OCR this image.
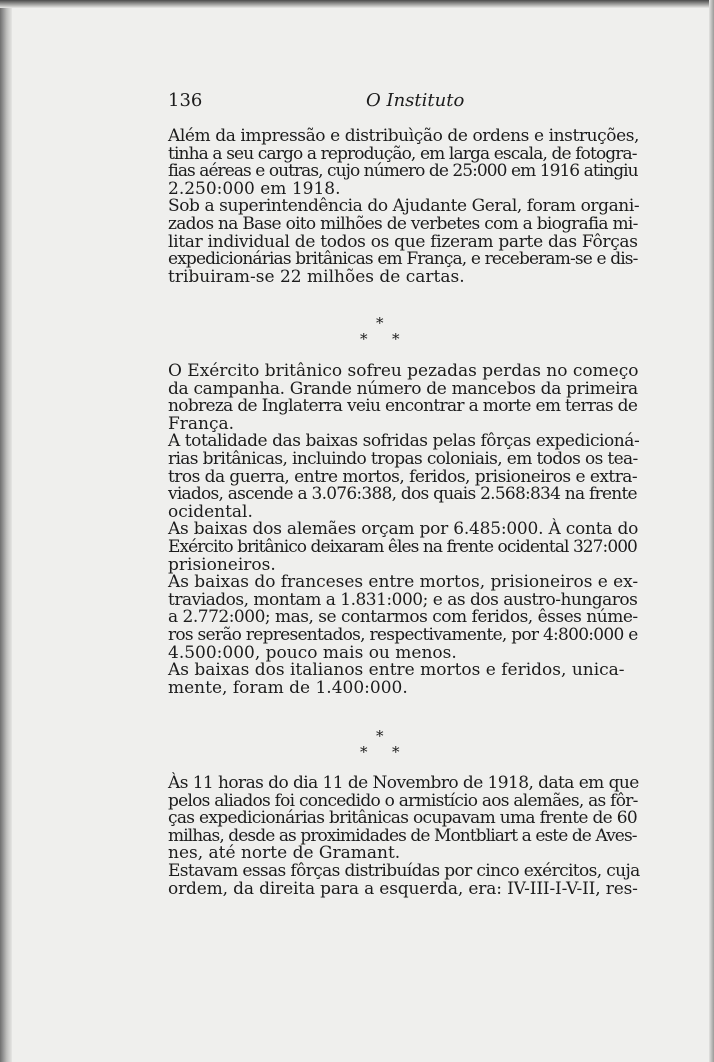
136	O Instituto
Além da impressão e distribuìção de ordens e instruções,
tinha a seu cargo a reprodução, em larga escala, de fotogra-
fias aéreas e outras, cujo número de 25:000 em 1916 atingiu
2.250:000 em 1918.
Sob a superintendência do Ajudante Geral, foram organi-
zados na Base oito milhões de verbetes com a biografia mi-
litar individual de todos os que fizeram parte das Fôrças
expedicionárias britânicas em França, e receberam-se e dis-
tribuiram-se 22 milhões de cartas.
*
* *
O Exército britânico sofreu pezadas perdas no começo
da campanha. Grande número de mancebos da primeira
nobreza de Inglaterra veiu encontrar a morte em terras de
França.
A totalidade das baixas sofridas pelas fôrças expedicioná-
rias britânicas, incluindo tropas coloniais, em todos os tea-
tros da guerra, entre mortos, feridos, prisioneiros e extra-
viados, ascende a 3.076:388, dos quais 2.568:834 na frente
ocidental.
As baixas dos alemães orçam por 6.485:000. À conta do
Exército britânico deixaram êles na frente ocidental 327:000
prisioneiros.
As baixas do franceses entre mortos, prisioneiros e ex-
traviados, montam a 1.831:000; e as dos austro-hungaros
a 2.772:000; mas, se contarmos com feridos, êsses núme-
ros serão representados, respectivamente, por 4:800:000 e
4.500:000, pouco mais ou menos.
As baixas dos italianos entre mortos e feridos, unica-
mente, foram de 1.400:000.
*
* *
Às 11 horas do dia 11 de Novembro de 1918, data em que
pelos aliados foi concedido o armistício aos alemães, as fôr-
ças expedicionárias britânicas ocupavam uma frente de 60
milhas, desde as proximidades de Montbliart a este de Aves-
nes, até norte de Gramant.
Estavam essas fôrças distribuídas por cinco exércitos, cuja
ordem, da direita para a esquerda, era: IV-III-I-V-II, res-
